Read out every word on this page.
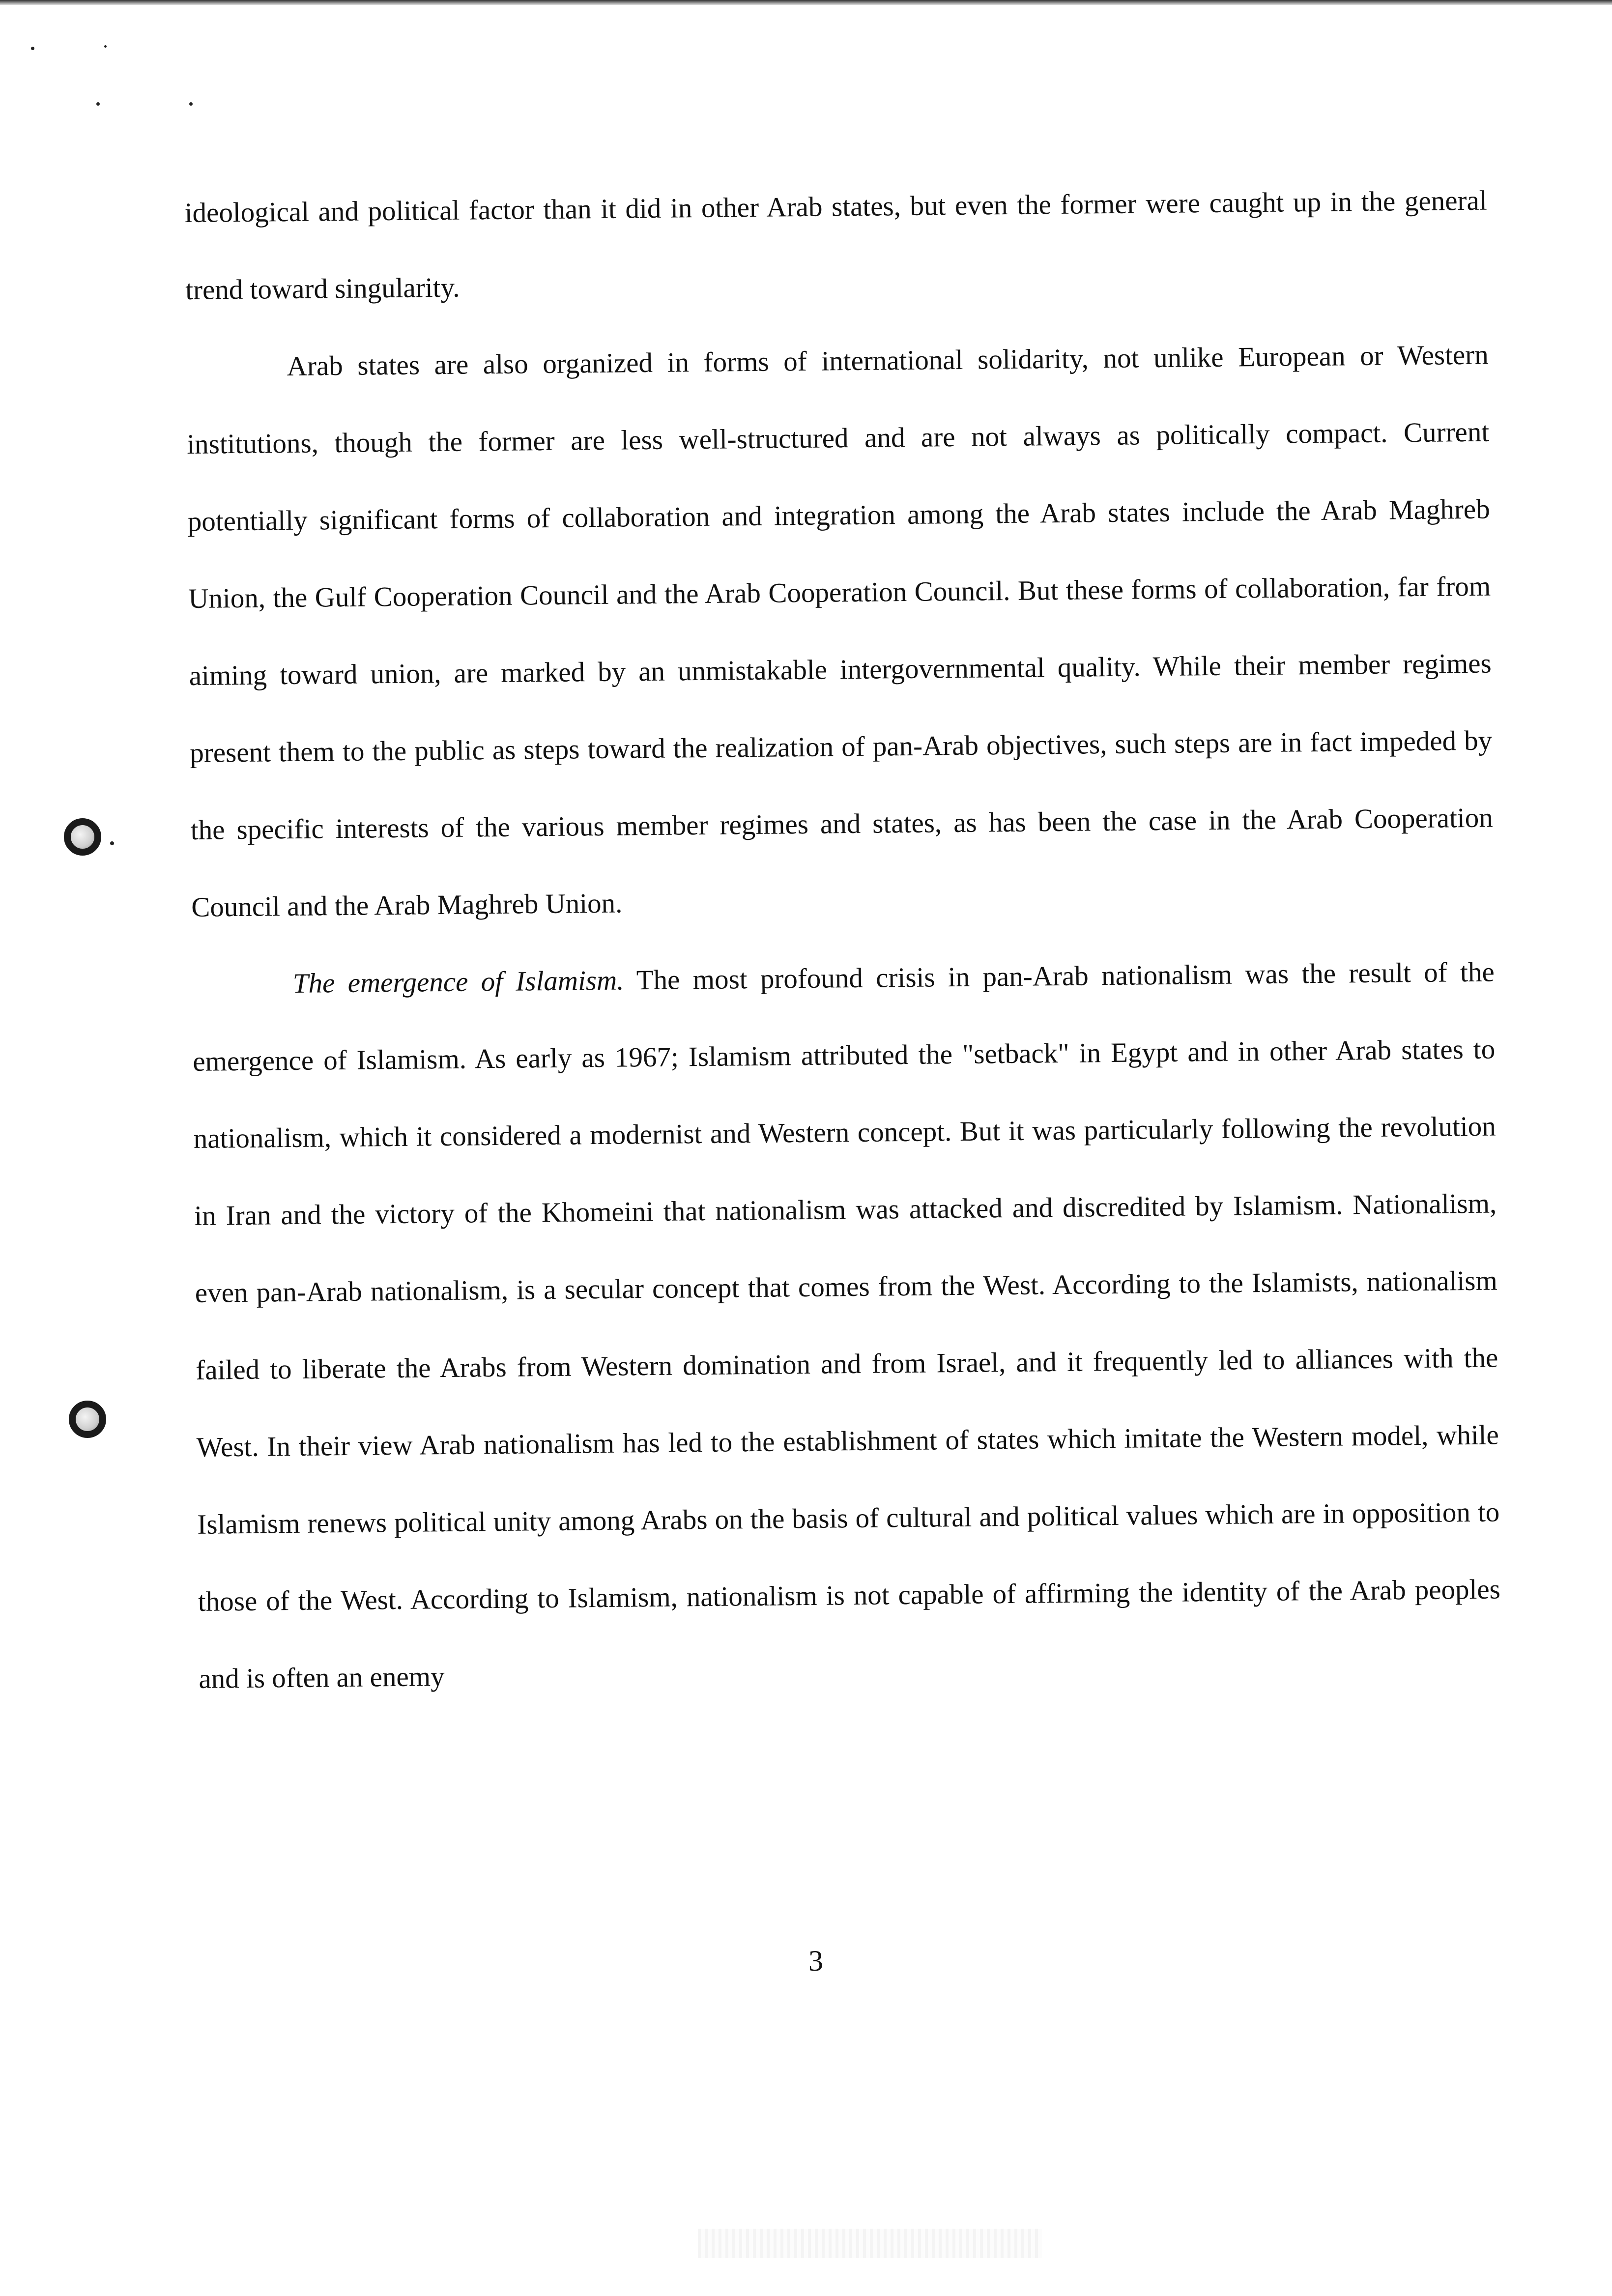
ideological and political factor than it did in other Arab states, but even the former were caught up in the general trend toward singularity.

Arab states are also organized in forms of international solidarity, not unlike European or Western institutions, though the former are less well-structured and are not always as politically compact. Current potentially significant forms of collaboration and integration among the Arab states include the Arab Maghreb Union, the Gulf Cooperation Council and the Arab Cooperation Council. But these forms of collaboration, far from aiming toward union, are marked by an unmistakable intergovernmental quality. While their member regimes present them to the public as steps toward the realization of pan-Arab objectives, such steps are in fact impeded by the specific interests of the various member regimes and states, as has been the case in the Arab Cooperation Council and the Arab Maghreb Union.

The emergence of Islamism. The most profound crisis in pan-Arab nationalism was the result of the emergence of Islamism. As early as 1967; Islamism attributed the "setback" in Egypt and in other Arab states to nationalism, which it considered a modernist and Western concept. But it was particularly following the revolution in Iran and the victory of the Khomeini that nationalism was attacked and discredited by Islamism. Nationalism, even pan-Arab nationalism, is a secular concept that comes from the West. According to the Islamists, nationalism failed to liberate the Arabs from Western domination and from Israel, and it frequently led to alliances with the West. In their view Arab nationalism has led to the establishment of states which imitate the Western model, while Islamism renews political unity among Arabs on the basis of cultural and political values which are in opposition to those of the West. According to Islamism, nationalism is not capable of affirming the identity of the Arab peoples and is often an enemy

3
